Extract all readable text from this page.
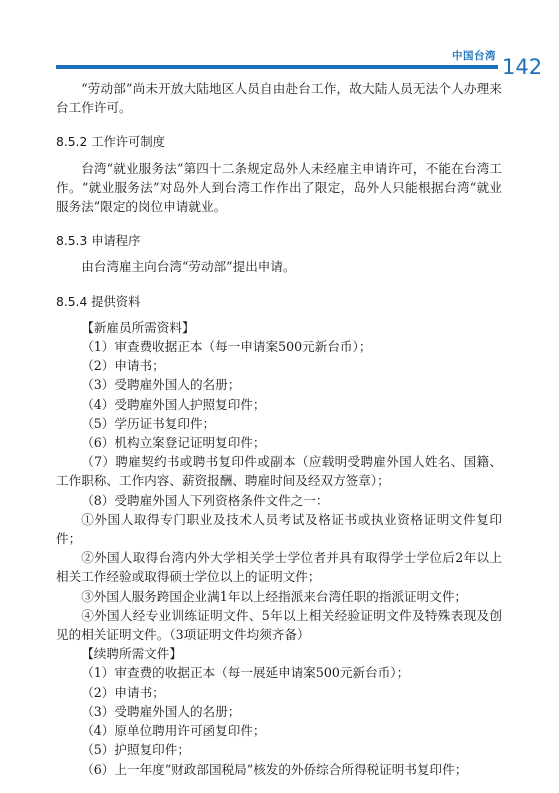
中国台湾 142

“劳动部”尚未开放大陆地区人员自由赴台工作，故大陆人员无法个人办理来台工作许可。

8.5.2 工作许可制度

台湾“就业服务法”第四十二条规定岛外人未经雇主申请许可，不能在台湾工作。“就业服务法”对岛外人到台湾工作作出了限定，岛外人只能根据台湾“就业服务法”限定的岗位申请就业。

8.5.3 申请程序

由台湾雇主向台湾“劳动部”提出申请。

8.5.4 提供资料

【新雇员所需资料】

（1）审查费收据正本（每一申请案500元新台币）；

（2）申请书；

（3）受聘雇外国人的名册；

（4）受聘雇外国人护照复印件；

（5）学历证书复印件；

（6）机构立案登记证明复印件；

（7）聘雇契约书或聘书复印件或副本（应载明受聘雇外国人姓名、国籍、工作职称、工作内容、薪资报酬、聘雇时间及经双方签章）；

（8）受聘雇外国人下列资格条件文件之一：

①外国人取得专门职业及技术人员考试及格证书或执业资格证明文件复印件；

②外国人取得台湾内外大学相关学士学位者并具有取得学士学位后2年以上相关工作经验或取得硕士学位以上的证明文件；

③外国人服务跨国企业满1年以上经指派来台湾任职的指派证明文件；

④外国人经专业训练证明文件、5年以上相关经验证明文件及特殊表现及创见的相关证明文件。（3项证明文件均须齐备）

【续聘所需文件】

（1）审查费的收据正本（每一展延申请案500元新台币）；

（2）申请书；

（3）受聘雇外国人的名册；

（4）原单位聘用许可函复印件；

（5）护照复印件；

（6）上一年度“财政部国税局”核发的外侨综合所得税证明书复印件；
